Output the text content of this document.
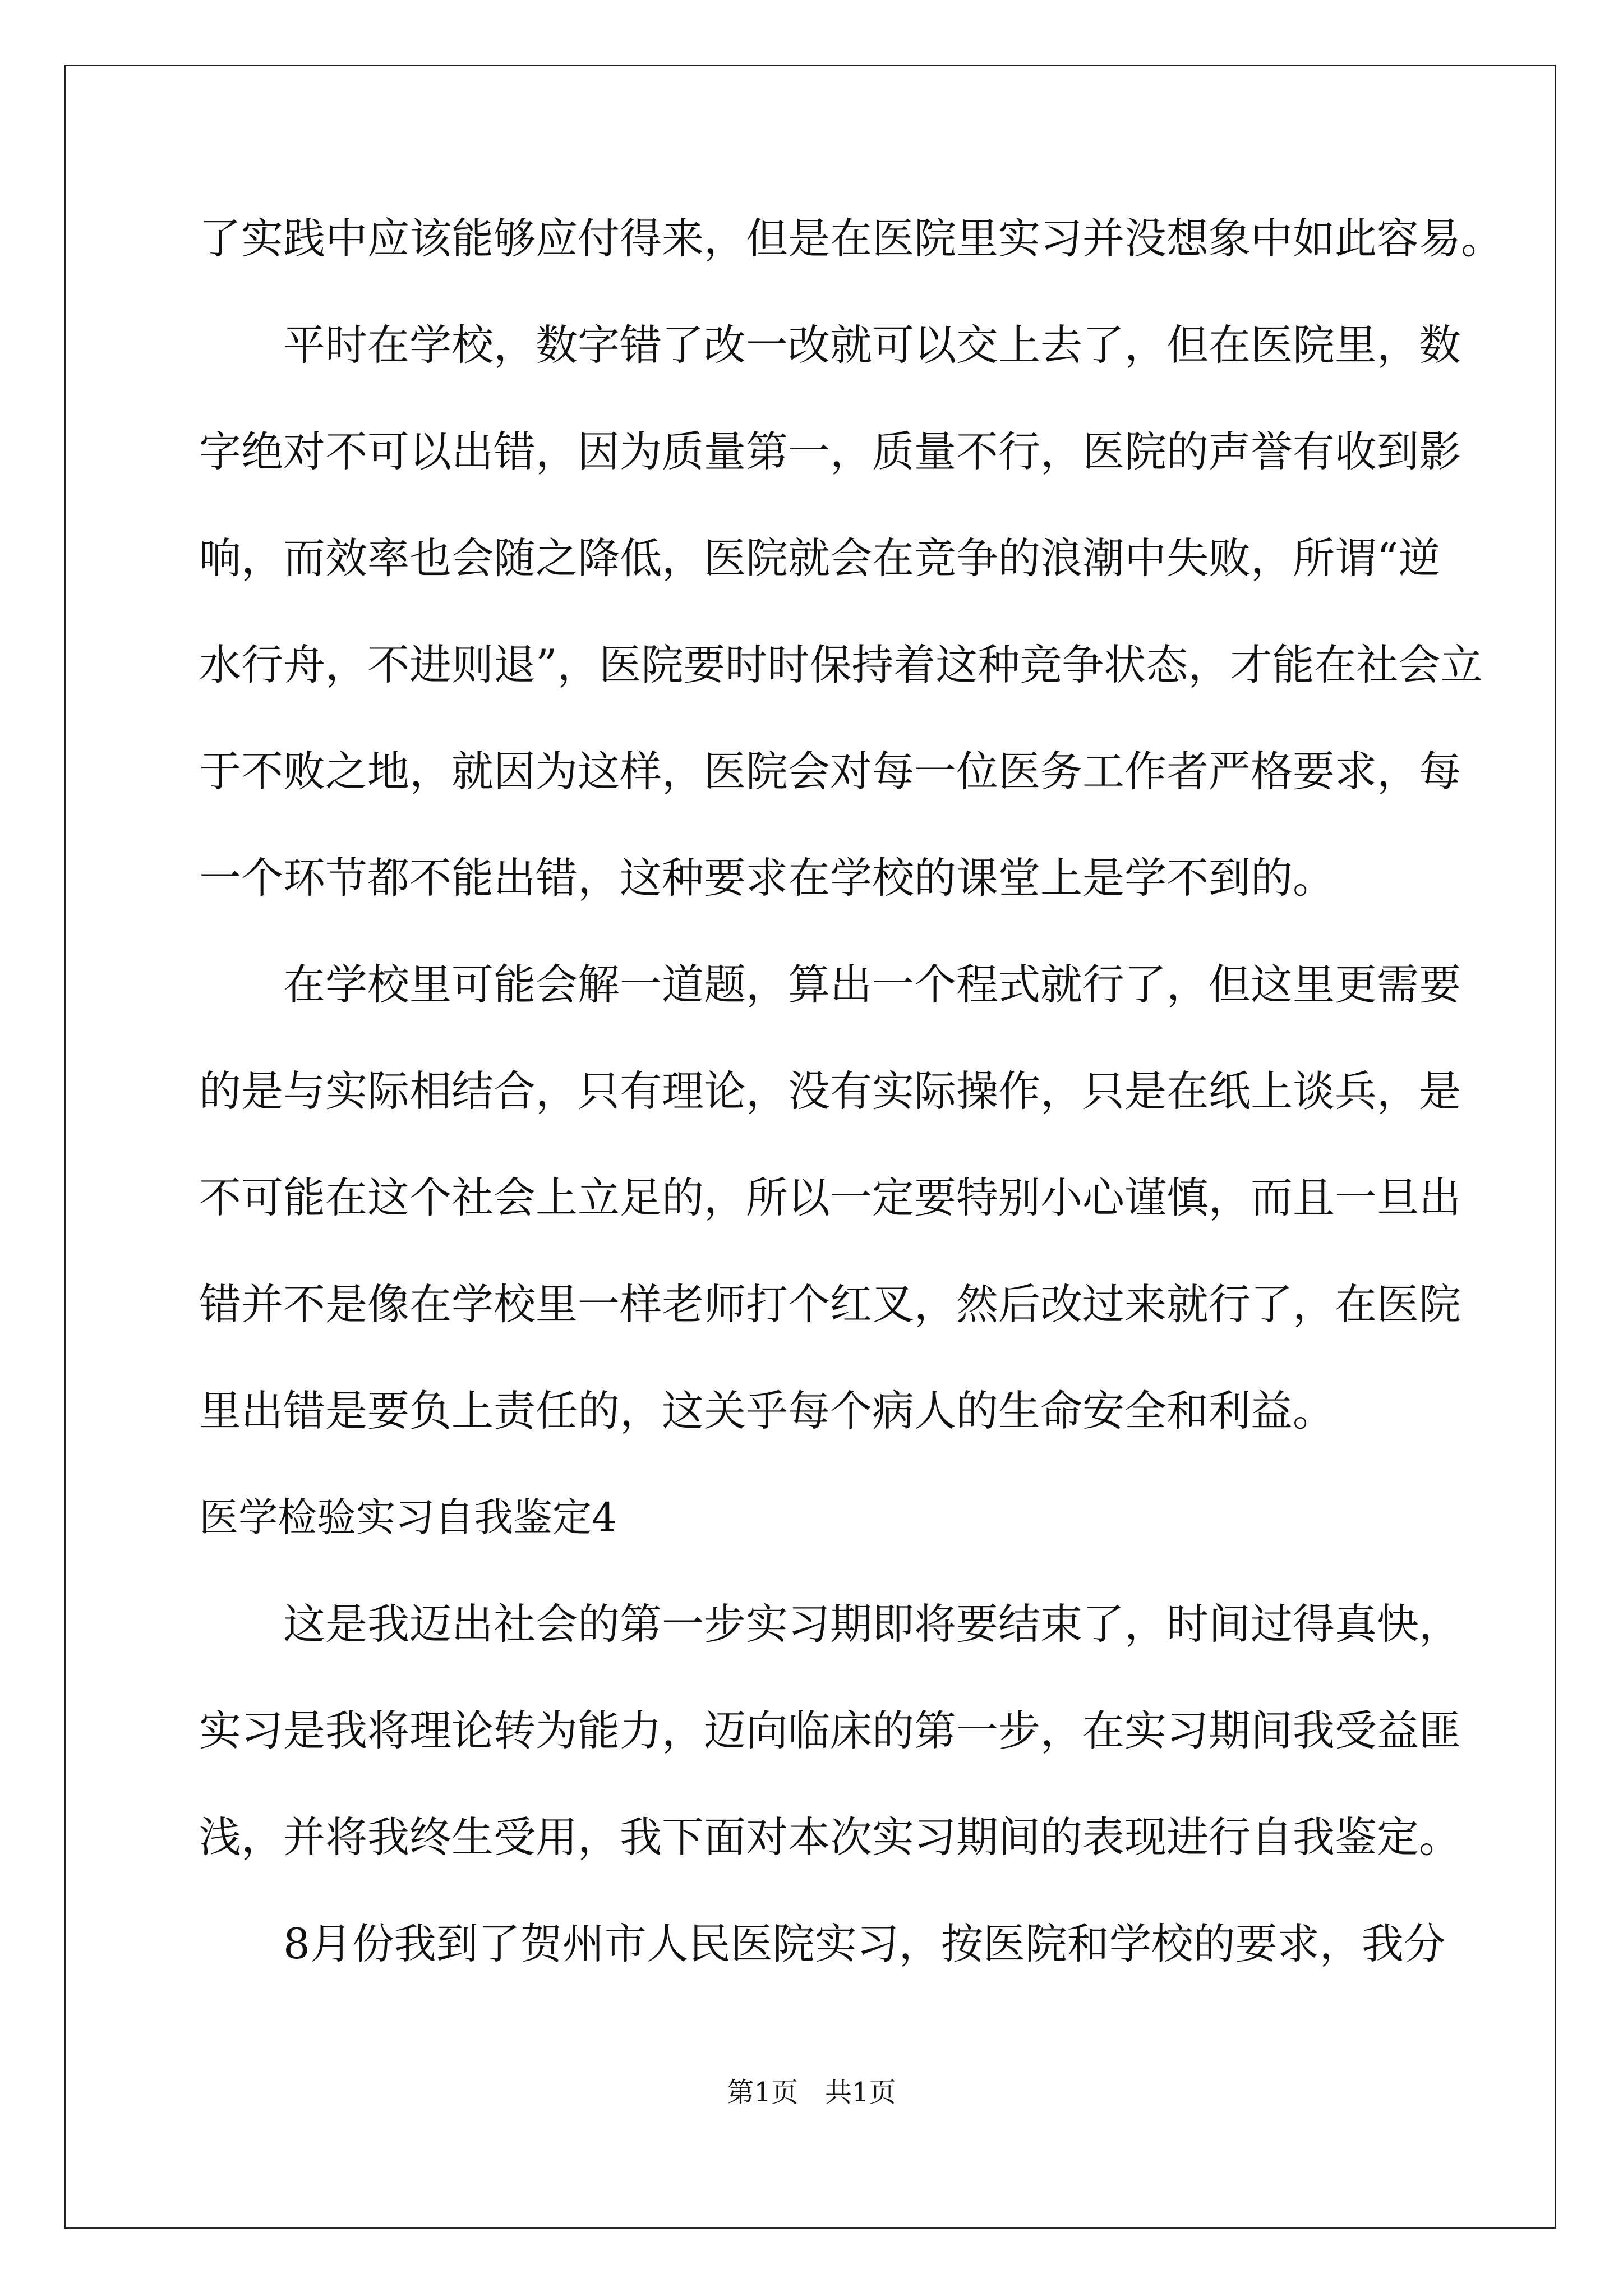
了实践中应该能够应付得来，但是在医院里实习并没想象中如此容易。
平时在学校，数字错了改一改就可以交上去了，但在医院里，数
字绝对不可以出错，因为质量第一，质量不行，医院的声誉有收到影
响，而效率也会随之降低，医院就会在竞争的浪潮中失败，所谓“逆
水行舟，不进则退”，医院要时时保持着这种竞争状态，才能在社会立
于不败之地，就因为这样，医院会对每一位医务工作者严格要求，每
一个环节都不能出错，这种要求在学校的课堂上是学不到的。
在学校里可能会解一道题，算出一个程式就行了，但这里更需要
的是与实际相结合，只有理论，没有实际操作，只是在纸上谈兵，是
不可能在这个社会上立足的，所以一定要特别小心谨慎，而且一旦出
错并不是像在学校里一样老师打个红叉，然后改过来就行了，在医院
里出错是要负上责任的，这关乎每个病人的生命安全和利益。
医学检验实习自我鉴定4
这是我迈出社会的第一步实习期即将要结束了，时间过得真快，
实习是我将理论转为能力，迈向临床的第一步，在实习期间我受益匪
浅，并将我终生受用，我下面对本次实习期间的表现进行自我鉴定。
8月份我到了贺州市人民医院实习，按医院和学校的要求，我分
第1页 共1页
